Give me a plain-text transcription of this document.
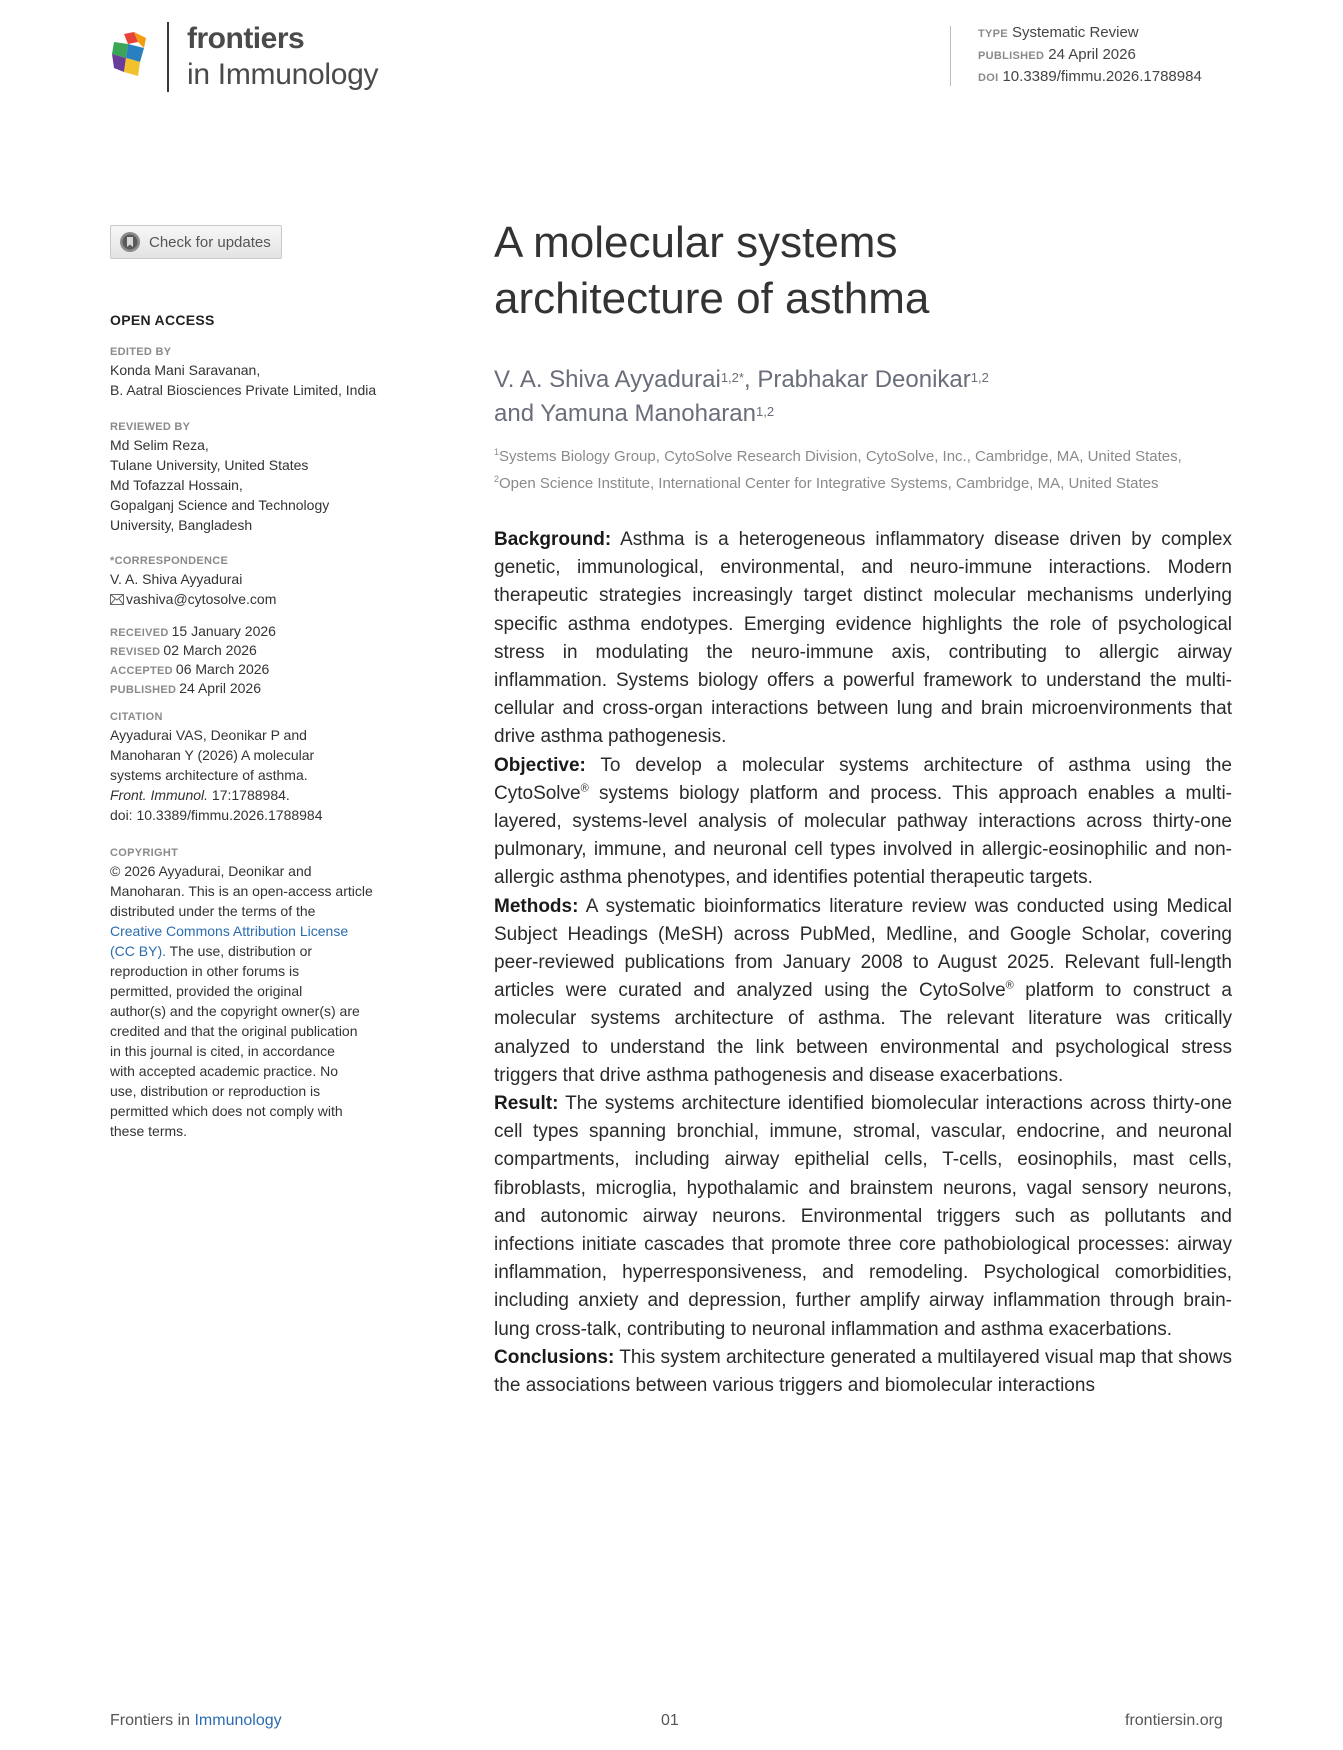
frontiers
in Immunology
TYPE Systematic Review
PUBLISHED 24 April 2026
DOI 10.3389/fimmu.2026.1788984
Check for updates
OPEN ACCESS
EDITED BY
Konda Mani Saravanan,
B. Aatral Biosciences Private Limited, India
REVIEWED BY
Md Selim Reza,
Tulane University, United States
Md Tofazzal Hossain,
Gopalganj Science and Technology
University, Bangladesh
*CORRESPONDENCE
V. A. Shiva Ayyadurai
vashiva@cytosolve.com
RECEIVED 15 January 2026
REVISED 02 March 2026
ACCEPTED 06 March 2026
PUBLISHED 24 April 2026
CITATION
Ayyadurai VAS, Deonikar P and
Manoharan Y (2026) A molecular
systems architecture of asthma.
Front. Immunol. 17:1788984.
doi: 10.3389/fimmu.2026.1788984
COPYRIGHT
© 2026 Ayyadurai, Deonikar and
Manoharan. This is an open-access article
distributed under the terms of the
Creative Commons Attribution License
(CC BY). The use, distribution or
reproduction in other forums is
permitted, provided the original
author(s) and the copyright owner(s) are
credited and that the original publication
in this journal is cited, in accordance
with accepted academic practice. No
use, distribution or reproduction is
permitted which does not comply with
these terms.
A molecular systems
architecture of asthma
V. A. Shiva Ayyadurai$^{1,2*}$, Prabhakar Deonikar$^{1,2}$
and Yamuna Manoharan$^{1,2}$
$^1$Systems Biology Group, CytoSolve Research Division, CytoSolve, Inc., Cambridge, MA, United States,
$^2$Open Science Institute, International Center for Integrative Systems, Cambridge, MA, United States

Background: Asthma is a heterogeneous inflammatory disease driven by complex genetic, immunological, environmental, and neuro-immune interactions. Modern therapeutic strategies increasingly target distinct molecular mechanisms underlying specific asthma endotypes. Emerging evidence highlights the role of psychological stress in modulating the neuro-immune axis, contributing to allergic airway inflammation. Systems biology offers a powerful framework to understand the multi-cellular and cross-organ interactions between lung and brain microenvironments that drive asthma pathogenesis.

Objective: To develop a molecular systems architecture of asthma using the CytoSolve® systems biology platform and process. This approach enables a multi-layered, systems-level analysis of molecular pathway interactions across thirty-one pulmonary, immune, and neuronal cell types involved in allergic-eosinophilic and non-allergic asthma phenotypes, and identifies potential therapeutic targets.

Methods: A systematic bioinformatics literature review was conducted using Medical Subject Headings (MeSH) across PubMed, Medline, and Google Scholar, covering peer-reviewed publications from January 2008 to August 2025. Relevant full-length articles were curated and analyzed using the CytoSolve® platform to construct a molecular systems architecture of asthma. The relevant literature was critically analyzed to understand the link between environmental and psychological stress triggers that drive asthma pathogenesis and disease exacerbations.

Result: The systems architecture identified biomolecular interactions across thirty-one cell types spanning bronchial, immune, stromal, vascular, endocrine, and neuronal compartments, including airway epithelial cells, T-cells, eosinophils, mast cells, fibroblasts, microglia, hypothalamic and brainstem neurons, vagal sensory neurons, and autonomic airway neurons. Environmental triggers such as pollutants and infections initiate cascades that promote three core pathobiological processes: airway inflammation, hyperresponsiveness, and remodeling. Psychological comorbidities, including anxiety and depression, further amplify airway inflammation through brain-lung cross-talk, contributing to neuronal inflammation and asthma exacerbations.

Conclusions: This system architecture generated a multilayered visual map that shows the associations between various triggers and biomolecular interactions

Frontiers in Immunology	01	frontiersin.org
